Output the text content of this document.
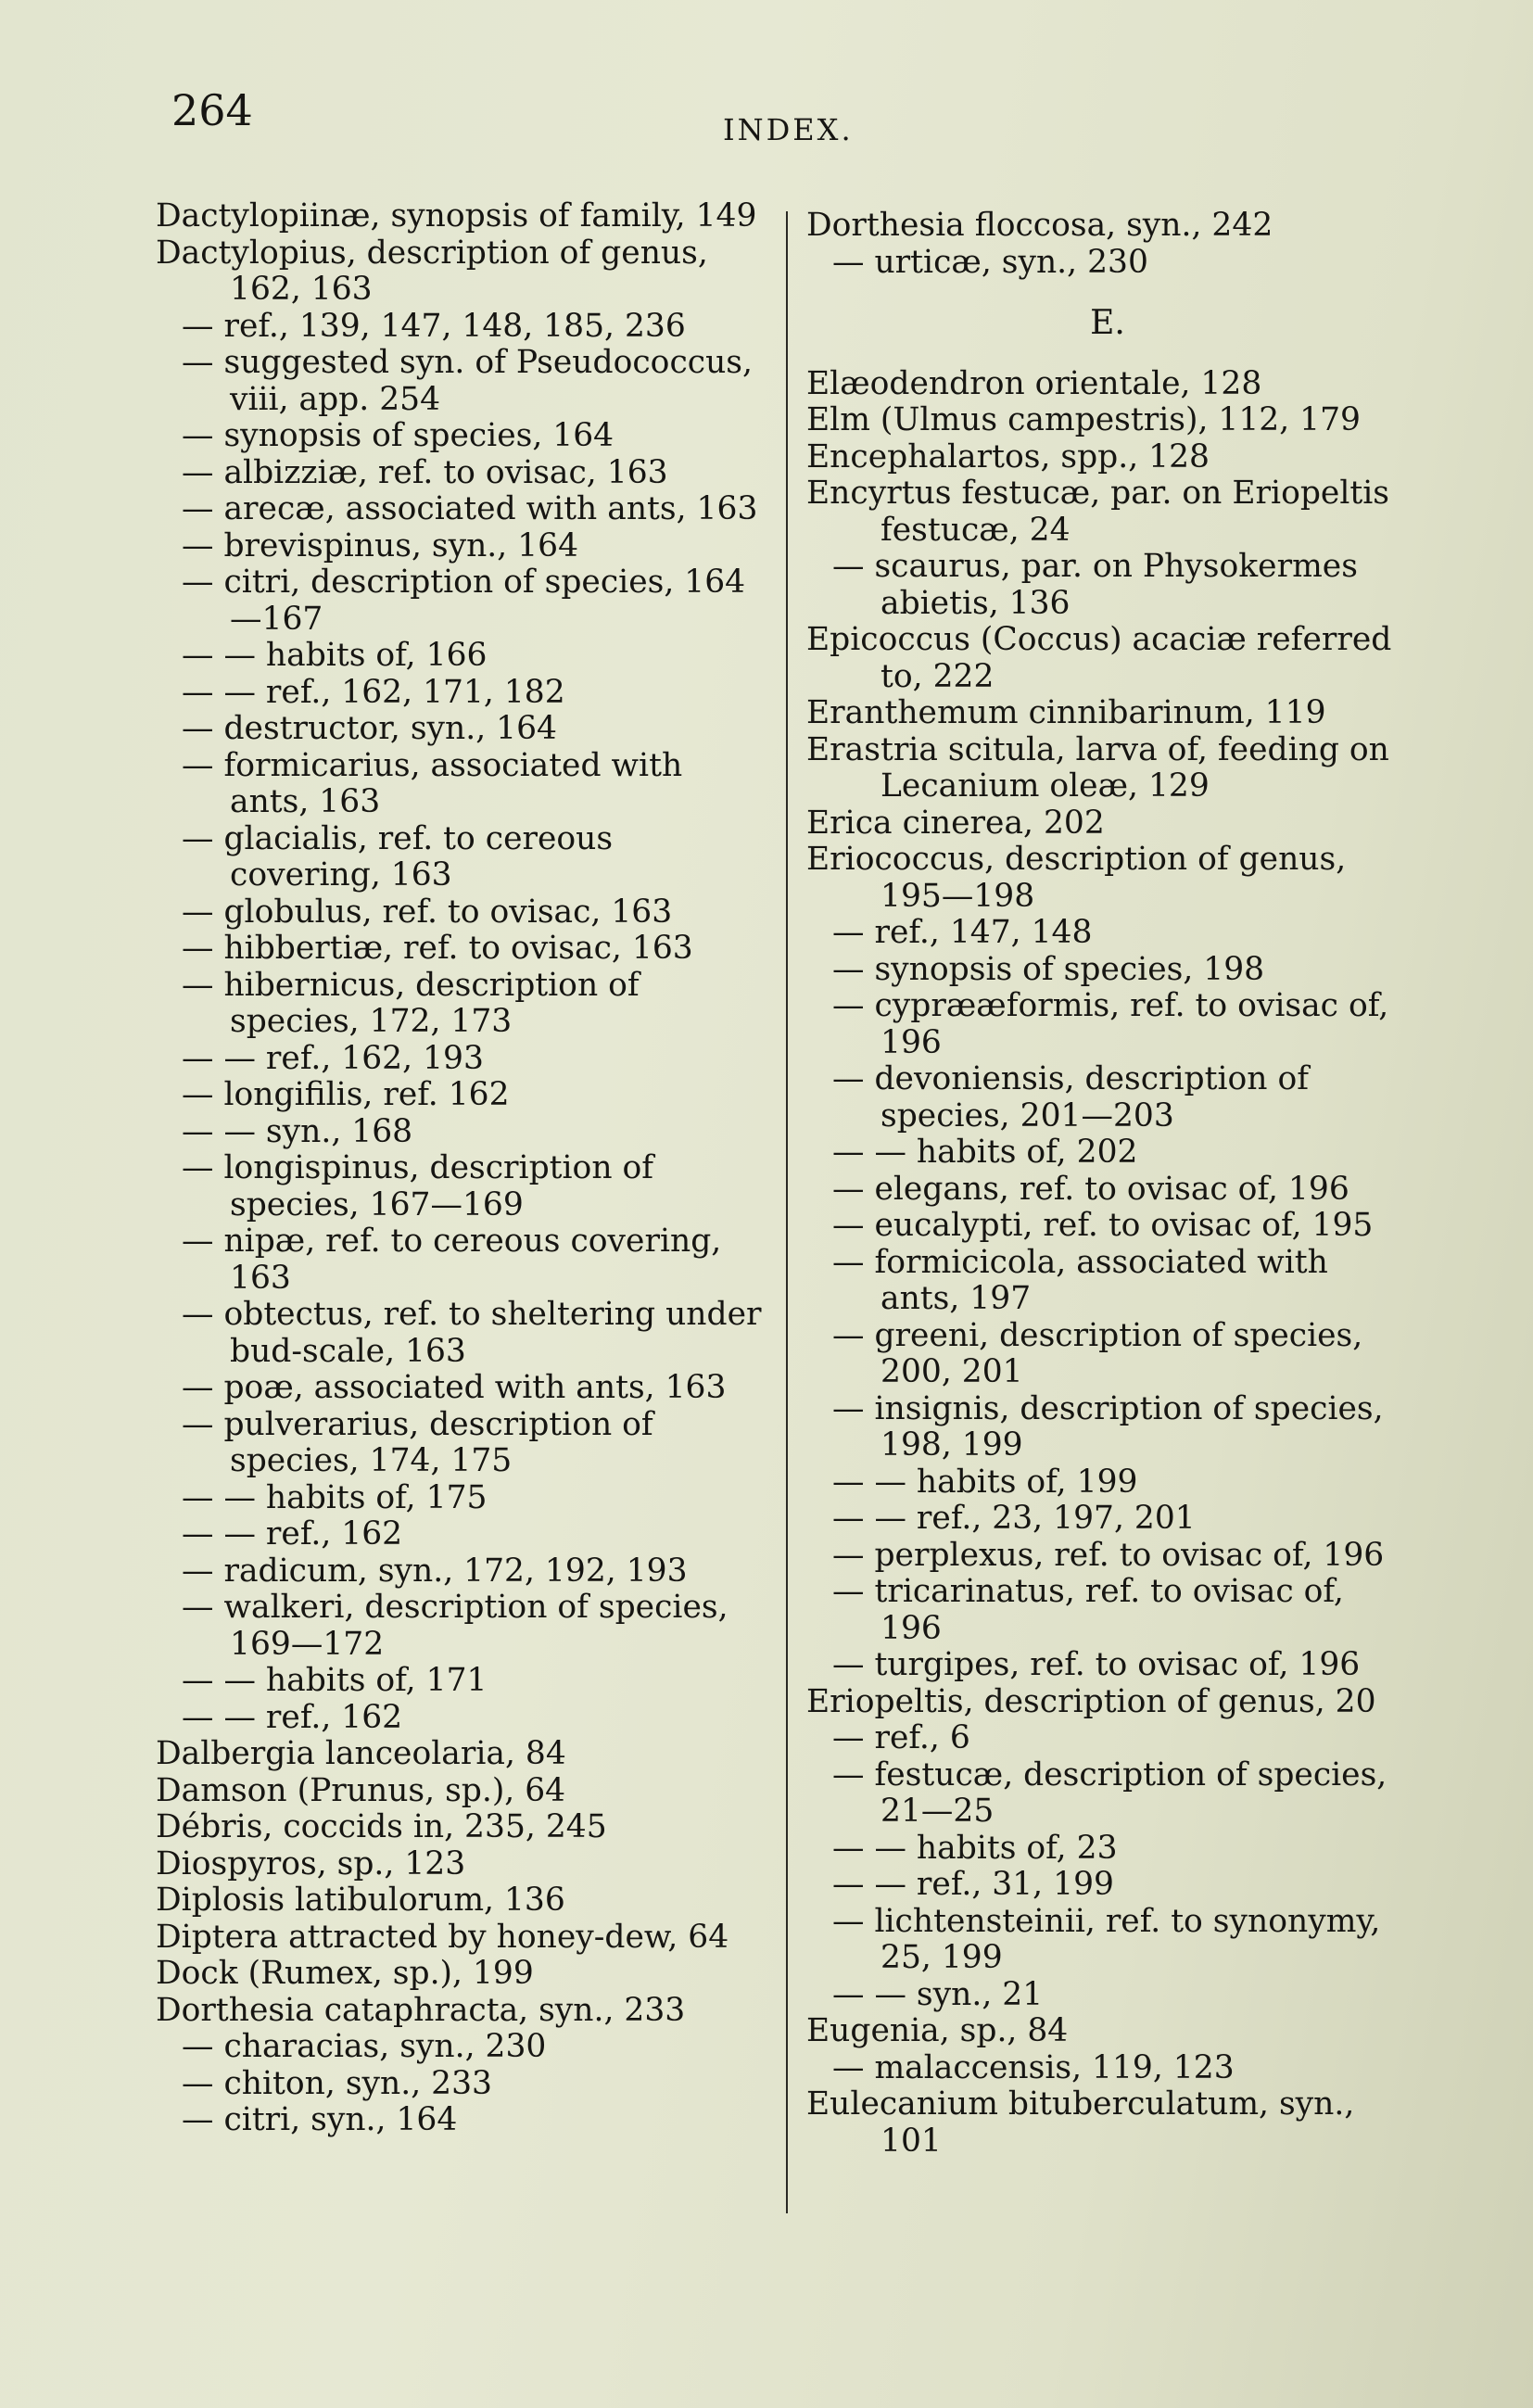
264	INDEX.
Dactylopiinæ, synopsis of family, 149
Dactylopius, description of genus, 162, 163
— ref., 139, 147, 148, 185, 236
— suggested syn. of Pseudococcus, viii, app. 254
— synopsis of species, 164
— albizziæ, ref. to ovisac, 163
— arecæ, associated with ants, 163
— brevispinus, syn., 164
— citri, description of species, 164 —167
— — habits of, 166
— — ref., 162, 171, 182
— destructor, syn., 164
— formicarius, associated with ants, 163
— glacialis, ref. to cereous covering, 163
— globulus, ref. to ovisac, 163
— hibbertiæ, ref. to ovisac, 163
— hibernicus, description of species, 172, 173
— — ref., 162, 193
— longifilis, ref. 162
— — syn., 168
— longispinus, description of species, 167—169
— nipæ, ref. to cereous covering, 163
— obtectus, ref. to sheltering under bud-scale, 163
— poæ, associated with ants, 163
— pulverarius, description of species, 174, 175
— — habits of, 175
— — ref., 162
— radicum, syn., 172, 192, 193
— walkeri, description of species, 169—172
— — habits of, 171
— — ref., 162
Dalbergia lanceolaria, 84
Damson (Prunus, sp.), 64
Débris, coccids in, 235, 245
Diospyros, sp., 123
Diplosis latibulorum, 136
Diptera attracted by honey-dew, 64
Dock (Rumex, sp.), 199
Dorthesia cataphracta, syn., 233
— characias, syn., 230
— chiton, syn., 233
— citri, syn., 164
Dorthesia floccosa, syn., 242
— urticæ, syn., 230
E.
Elæodendron orientale, 128
Elm (Ulmus campestris), 112, 179
Encephalartos, spp., 128
Encyrtus festucæ, par. on Eriopeltis festucæ, 24
— scaurus, par. on Physokermes abietis, 136
Epicoccus (Coccus) acaciæ referred to, 222
Eranthemum cinnibarinum, 119
Erastria scitula, larva of, feeding on Lecanium oleæ, 129
Erica cinerea, 202
Eriococcus, description of genus, 195—198
— ref., 147, 148
— synopsis of species, 198
— cyprææformis, ref. to ovisac of, 196
— devoniensis, description of species, 201—203
— — habits of, 202
— elegans, ref. to ovisac of, 196
— eucalypti, ref. to ovisac of, 195
— formicicola, associated with ants, 197
— greeni, description of species, 200, 201
— insignis, description of species, 198, 199
— — habits of, 199
— — ref., 23, 197, 201
— perplexus, ref. to ovisac of, 196
— tricarinatus, ref. to ovisac of, 196
— turgipes, ref. to ovisac of, 196
Eriopeltis, description of genus, 20
— ref., 6
— festucæ, description of species, 21—25
— — habits of, 23
— — ref., 31, 199
— lichtensteinii, ref. to synonymy, 25, 199
— — syn., 21
Eugenia, sp., 84
— malaccensis, 119, 123
Eulecanium bituberculatum, syn., 101
